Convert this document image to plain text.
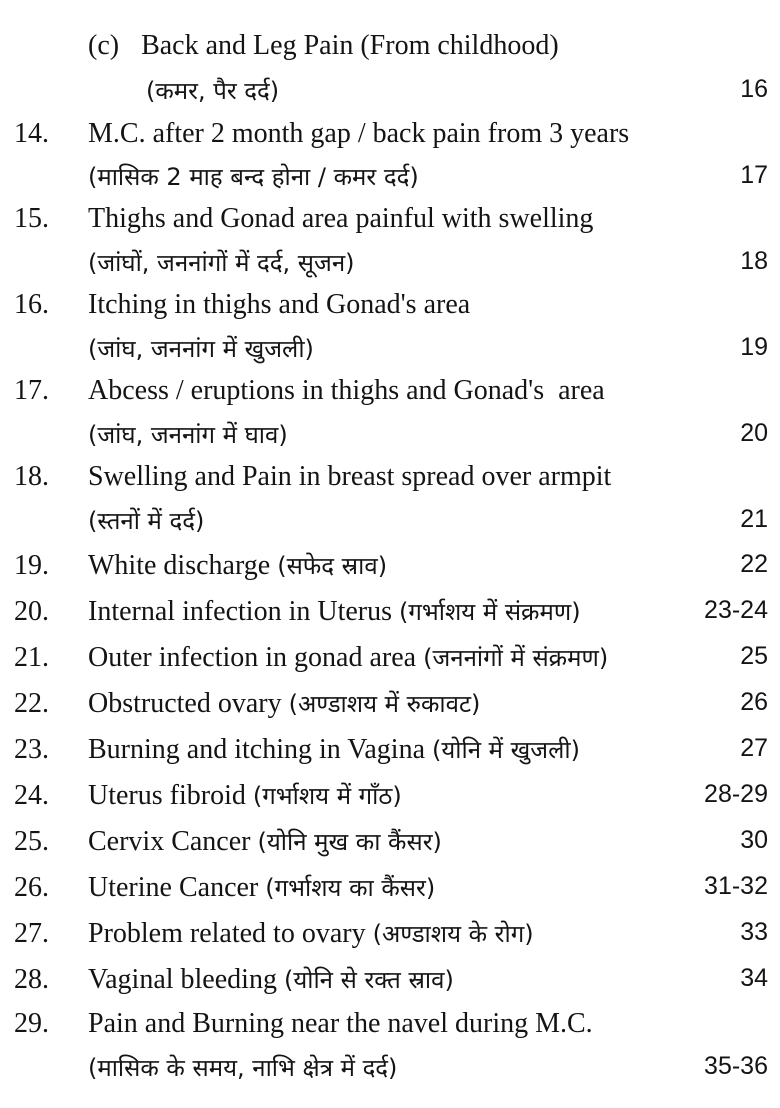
(c) Back and Leg Pain (From childhood)
(कमर, पैर दर्द)	16
14. M.C. after 2 month gap / back pain from 3 years
(मासिक 2 माह बन्द होना / कमर दर्द)	17
15. Thighs and Gonad area painful with swelling
(जांघों, जननांगों में दर्द, सूजन)	18
16. Itching in thighs and Gonad's area
(जांघ, जननांग में खुजली)	19
17. Abcess / eruptions in thighs and Gonad's  area
(जांघ, जननांग में घाव)	20
18. Swelling and Pain in breast spread over armpit
(स्तनों में दर्द)	21
19. White discharge (सफेद स्राव)	22
20. Internal infection in Uterus (गर्भाशय में संक्रमण)	23-24
21. Outer infection in gonad area (जननांगों में संक्रमण)	25
22. Obstructed ovary (अण्डाशय में रुकावट)	26
23. Burning and itching in Vagina (योनि में खुजली)	27
24. Uterus fibroid (गर्भाशय में गाँठ)	28-29
25. Cervix Cancer (योनि मुख का कैंसर)	30
26. Uterine Cancer (गर्भाशय का कैंसर)	31-32
27. Problem related to ovary (अण्डाशय के रोग)	33
28. Vaginal bleeding (योनि से रक्त स्राव)	34
29. Pain and Burning near the navel during M.C.
(मासिक के समय, नाभि क्षेत्र में दर्द)	35-36
